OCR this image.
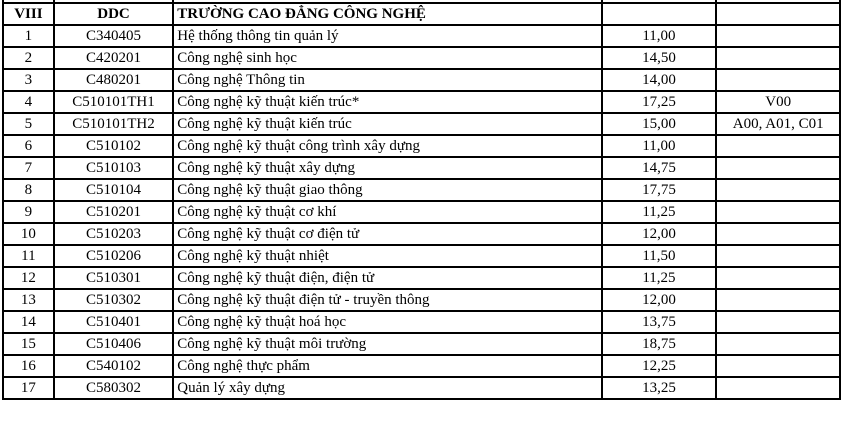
VIII	DDC	TRƯỜNG CAO ĐẲNG CÔNG NGHỆ		
1	C340405	Hệ thống thông tin quản lý	11,00	
2	C420201	Công nghệ sinh học	14,50	
3	C480201	Công nghệ Thông tin	14,00	
4	C510101TH1	Công nghệ kỹ thuật kiến trúc*	17,25	V00
5	C510101TH2	Công nghệ kỹ thuật kiến trúc	15,00	A00, A01, C01
6	C510102	Công nghệ kỹ thuật công trình xây dựng	11,00	
7	C510103	Công nghệ kỹ thuật xây dựng	14,75	
8	C510104	Công nghệ kỹ thuật giao thông	17,75	
9	C510201	Công nghệ kỹ thuật cơ khí	11,25	
10	C510203	Công nghệ kỹ thuật cơ điện tử	12,00	
11	C510206	Công nghệ kỹ thuật nhiệt	11,50	
12	C510301	Công nghệ kỹ thuật điện, điện tử	11,25	
13	C510302	Công nghệ kỹ thuật điện tử - truyền thông	12,00	
14	C510401	Công nghệ kỹ thuật hoá học	13,75	
15	C510406	Công nghệ kỹ thuật môi trường	18,75	
16	C540102	Công nghệ thực phẩm	12,25	
17	C580302	Quản lý xây dựng	13,25	
